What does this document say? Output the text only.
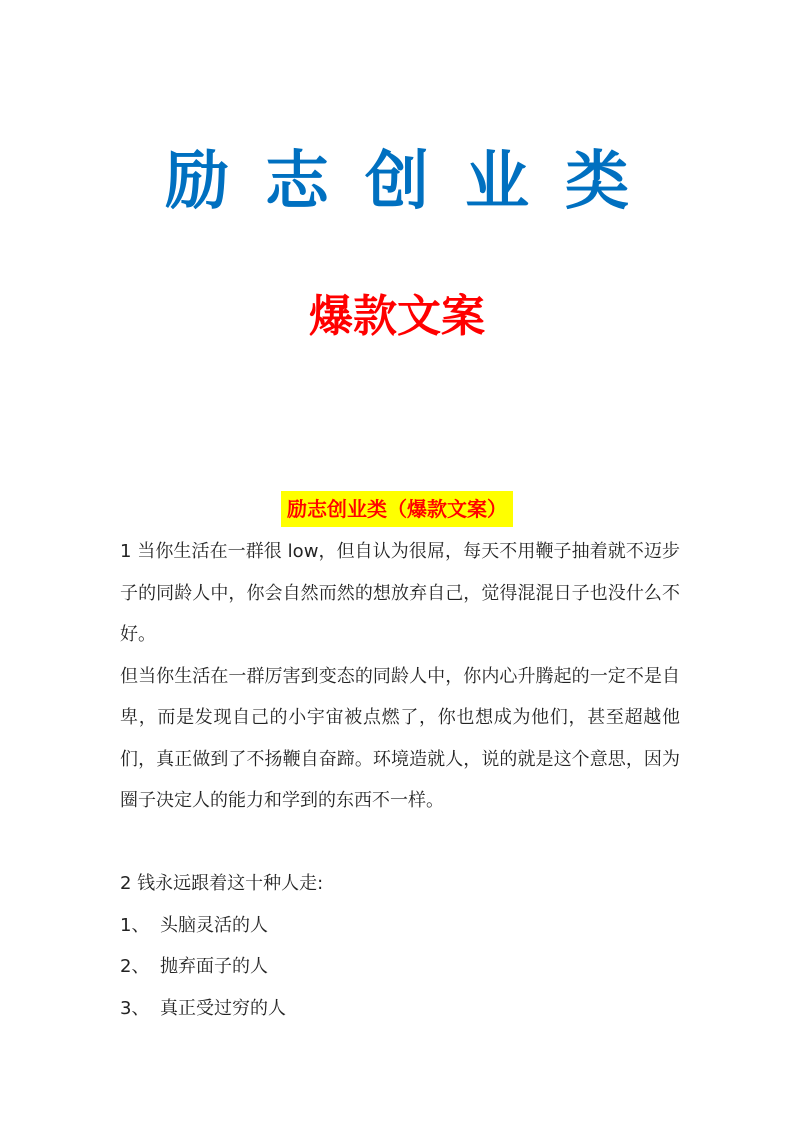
励志创业类
爆款文案
励志创业类（爆款文案）

1 当你生活在一群很 low，但自认为很屌，每天不用鞭子抽着就不迈步子的同龄人中，你会自然而然的想放弃自己，觉得混混日子也没什么不好。

但当你生活在一群厉害到变态的同龄人中，你内心升腾起的一定不是自卑，而是发现自己的小宇宙被点燃了，你也想成为他们，甚至超越他们，真正做到了不扬鞭自奋蹄。环境造就人，说的就是这个意思，因为圈子决定人的能力和学到的东西不一样。

2 钱永远跟着这十种人走:

1、 头脑灵活的人

2、 抛弃面子的人

3、 真正受过穷的人
